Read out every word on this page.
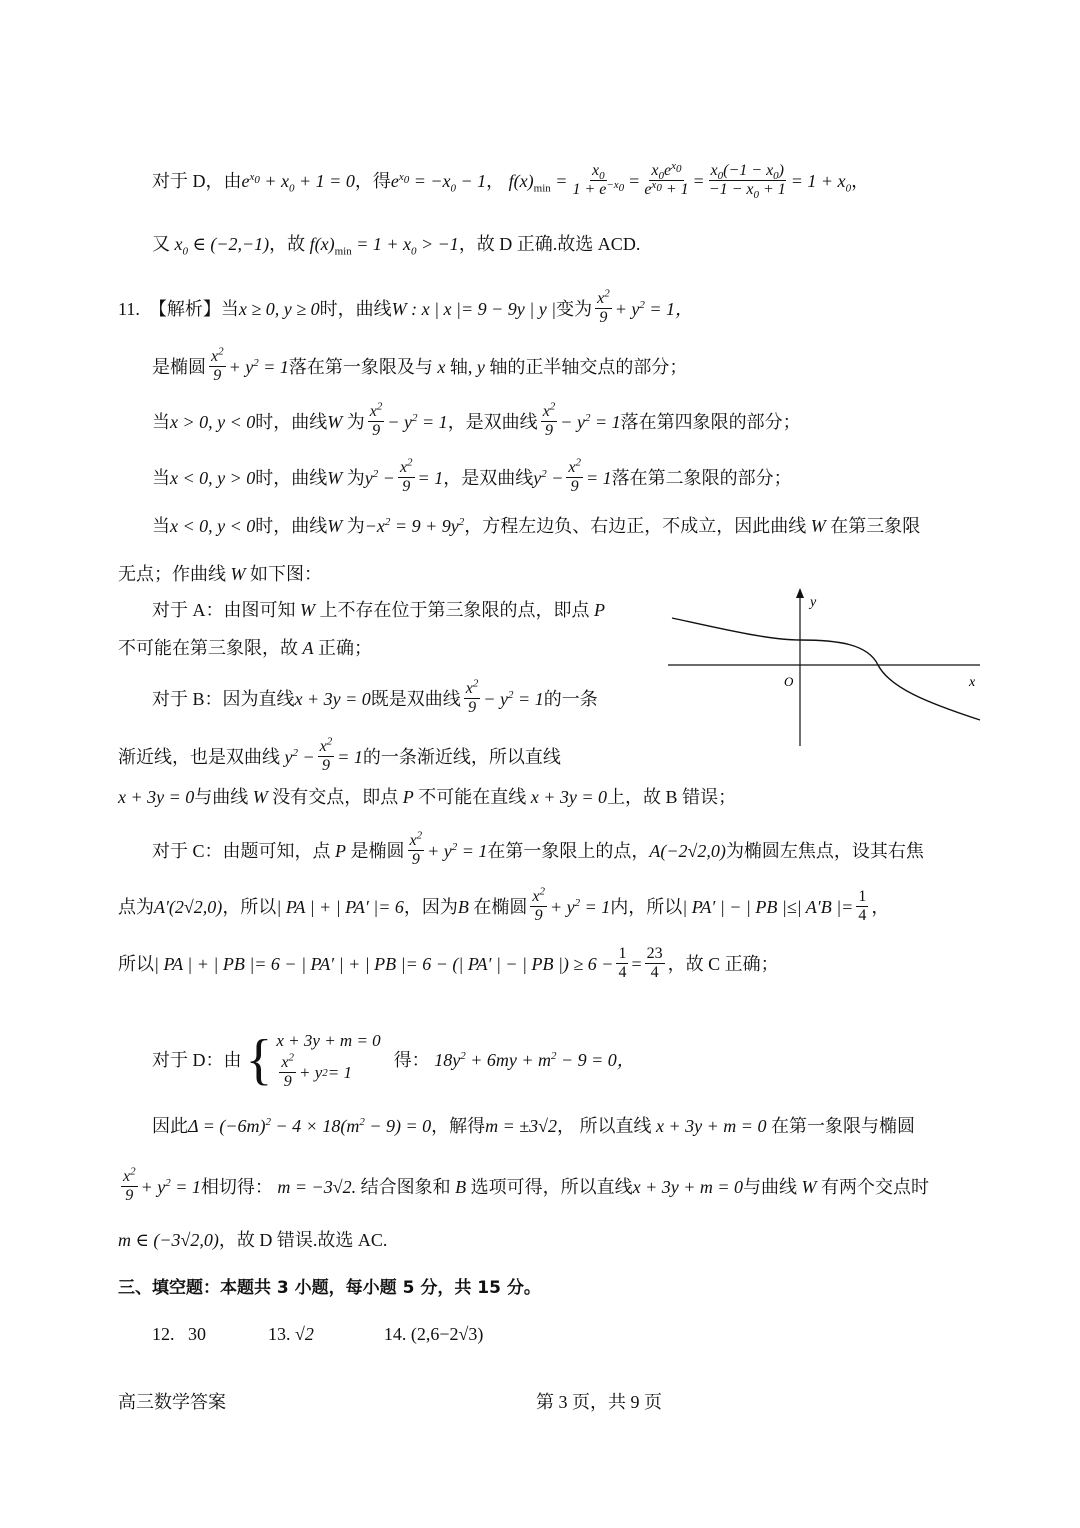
对于 D，由 $e^{x_0} + x_0 + 1 = 0$ ，得 $e^{x_0} = -x_0 - 1$ ， $f(x)_{min} = \frac{x_0}{1 + e^{-x_0}} = \frac{x_0e^{x_0}}{e^{x_0} + 1} = \frac{x_0(-1 - x_0)}{-1 - x_0 + 1} = 1 + x_0$ ，
又 $x_0$ ∈ (−2,−1) ，故 $f(x)_{min} = 1 + x_0 > -1$ ，故 D 正确.故选 ACD.
11.
【解析】 当 x ≥ 0, y ≥ 0 时，曲线 W : x | x |= 9 − 9y | y | 变为 $\frac{x^2}{9} + y^2 = 1$，
是椭圆 $\frac{x^2}{9} + y^2 = 1$ 落在第一象限及与 x 轴, y 轴的正半轴交点的部分；
当 x > 0, y < 0 时，曲线 W 为 $\frac{x^2}{9} - y^2 = 1$ ，是双曲线 $\frac{x^2}{9} - y^2 = 1$ 落在第四象限的部分；
当 x < 0, y > 0 时，曲线 W 为 $y^2 - \frac{x^2}{9} = 1$ ，是双曲线 $y^2 - \frac{x^2}{9} = 1$ 落在第二象限的部分；
当 x < 0, y < 0 时，曲线 W 为 $-x^2 = 9 + 9y^2$ ，方程左边负、右边正，不成立，因此曲线 W 在第三象限
无点；作曲线 W 如下图：
对于 A：由图可知 W 上不存在位于第三象限的点，即点 P
不可能在第三象限，故 A 正确；
对于 B：因为直线 x + 3y = 0 既是双曲线 $\frac{x^2}{9} - y^2 = 1$ 的一条
渐近线，也是双曲线 $y^2 - \frac{x^2}{9} = 1$ 的一条渐近线，所以直线
x + 3y = 0 与曲线 W 没有交点，即点 P 不可能在直线 x + 3y = 0 上，故 B 错误；
y
x
O
对于 C：由题可知，点 P 是椭圆 $\frac{x^2}{9} + y^2 = 1$ 在第一象限上的点， A(−2√2,0) 为椭圆左焦点，设其右焦
点为 A′(2√2,0) ，所以 | PA | + | PA′ |= 6 ，因为 B 在椭圆 $\frac{x^2}{9} + y^2 = 1$ 内，所以 | PA′ | − | PB |≤| A′B |= $\frac{1}{4}$ ，
所以 | PA | + | PB |= 6 − | PA′ | + | PB |= 6 − (| PA′ | − | PB |) ≥ $6 - \frac{1}{4} = \frac{23}{4}$ ，故 C 正确；
对于 D：由 { x + 3y + m = 0
$\frac{x^2}{9} + y$ 2 = 1

得： $18y^2 + 6my + m^2 - 9 = 0$，
因此 $\Delta = (-6m)^2 - 4 \times 18(m^2 - 9) = 0$ ，解得 m = ±3√2 ， 所以直线 x + 3y + m = 0 在第一象限与椭圆
$\frac{x^2}{9} + y^2 = 1$ 相切得： m = −3√2. 结合图象和 B 选项可得，所以直线 x + 3y + m = 0 与曲线 W 有两个交点时
m ∈ (−3√2,0) ，故 D 错误.故选 AC.
三、填空题：本题共 3 小题，每小题 5 分，共 15 分。
12.
30	13.
√2	14.
(2,6−2√3)
高三数学答案	第 3 页，共 9 页
